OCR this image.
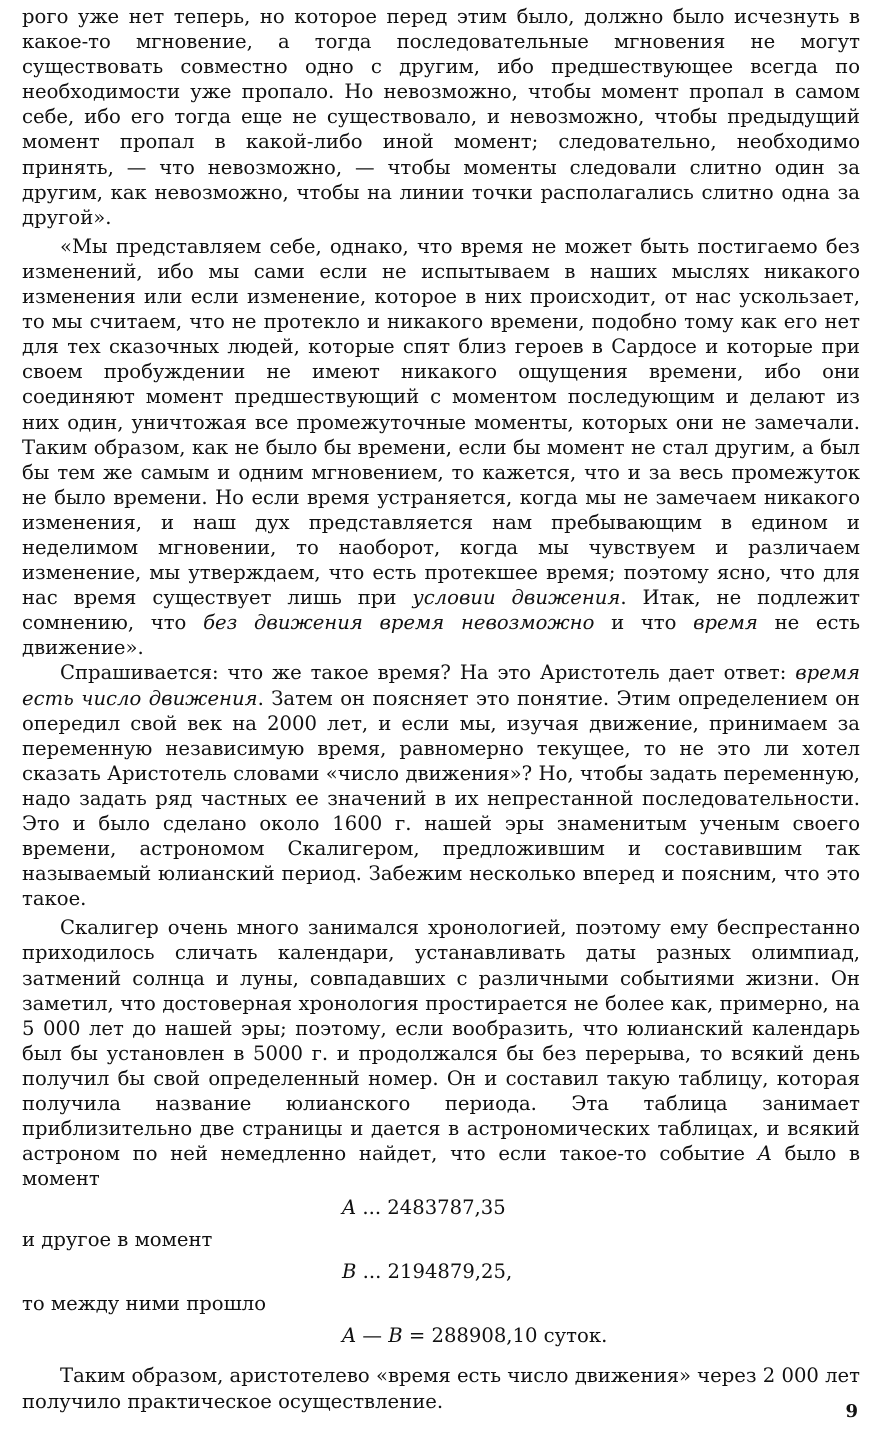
рого уже нет теперь, но которое перед этим было, должно было исчезнуть в какое-то мгновение, а тогда последовательные мгновения не могут существовать совместно одно с другим, ибо предшествующее всегда по необходимости уже пропало. Но невозможно, чтобы момент пропал в самом себе, ибо его тогда еще не существовало, и невозможно, чтобы предыдущий момент пропал в какой-либо иной момент; следовательно, необходимо принять, — что невозможно, — чтобы моменты следовали слитно один за другим, как невозможно, чтобы на линии точки располагались слитно одна за другой».

«Мы представляем себе, однако, что время не может быть постигаемо без изменений, ибо мы сами если не испытываем в наших мыслях никакого изменения или если изменение, которое в них происходит, от нас ускользает, то мы считаем, что не протекло и никакого времени, подобно тому как его нет для тех сказочных людей, которые спят близ героев в Сардосе и которые при своем пробуждении не имеют никакого ощущения времени, ибо они соединяют момент предшествующий с моментом последующим и делают из них один, уничтожая все промежуточные моменты, которых они не замечали. Таким образом, как не было бы времени, если бы момент не стал другим, а был бы тем же самым и одним мгновением, то кажется, что и за весь промежуток не было времени. Но если время устраняется, когда мы не замечаем никакого изменения, и наш дух представляется нам пребывающим в едином и неделимом мгновении, то наоборот, когда мы чувствуем и различаем изменение, мы утверждаем, что есть протекшее время; поэтому ясно, что для нас время существует лишь при условии движения. Итак, не подлежит сомнению, что без движения время невозможно и что время не есть движение».

Спрашивается: что же такое время? На это Аристотель дает ответ: время есть число движения. Затем он поясняет это понятие. Этим определением он опередил свой век на 2000 лет, и если мы, изучая движение, принимаем за переменную независимую время, равномерно текущее, то не это ли хотел сказать Аристотель словами «число движения»? Но, чтобы задать переменную, надо задать ряд частных ее значений в их непрестанной последовательности. Это и было сделано около 1600 г. нашей эры знаменитым ученым своего времени, астрономом Скалигером, предложившим и составившим так называемый юлианский период. Забежим несколько вперед и поясним, что это такое.

Скалигер очень много занимался хронологией, поэтому ему беспрестанно приходилось сличать календари, устанавливать даты разных олимпиад, затмений солнца и луны, совпадавших с различными событиями жизни. Он заметил, что достоверная хронология простирается не более как, примерно, на 5 000 лет до нашей эры; поэтому, если вообразить, что юлианский календарь был бы установлен в 5000 г. и продолжался бы без перерыва, то всякий день получил бы свой определенный номер. Он и составил такую таблицу, которая получила название юлианского периода. Эта таблица занимает приблизительно две страницы и дается в астрономических таблицах, и всякий астроном по ней немедленно найдет, что если такое-то событие A было в момент

A ... 2483787,35

и другое в момент

B ... 2194879,25,

то между ними прошло

A — B = 288908,10 суток.

Таким образом, аристотелево «время есть число движения» через 2 000 лет получило практическое осуществление.	9
